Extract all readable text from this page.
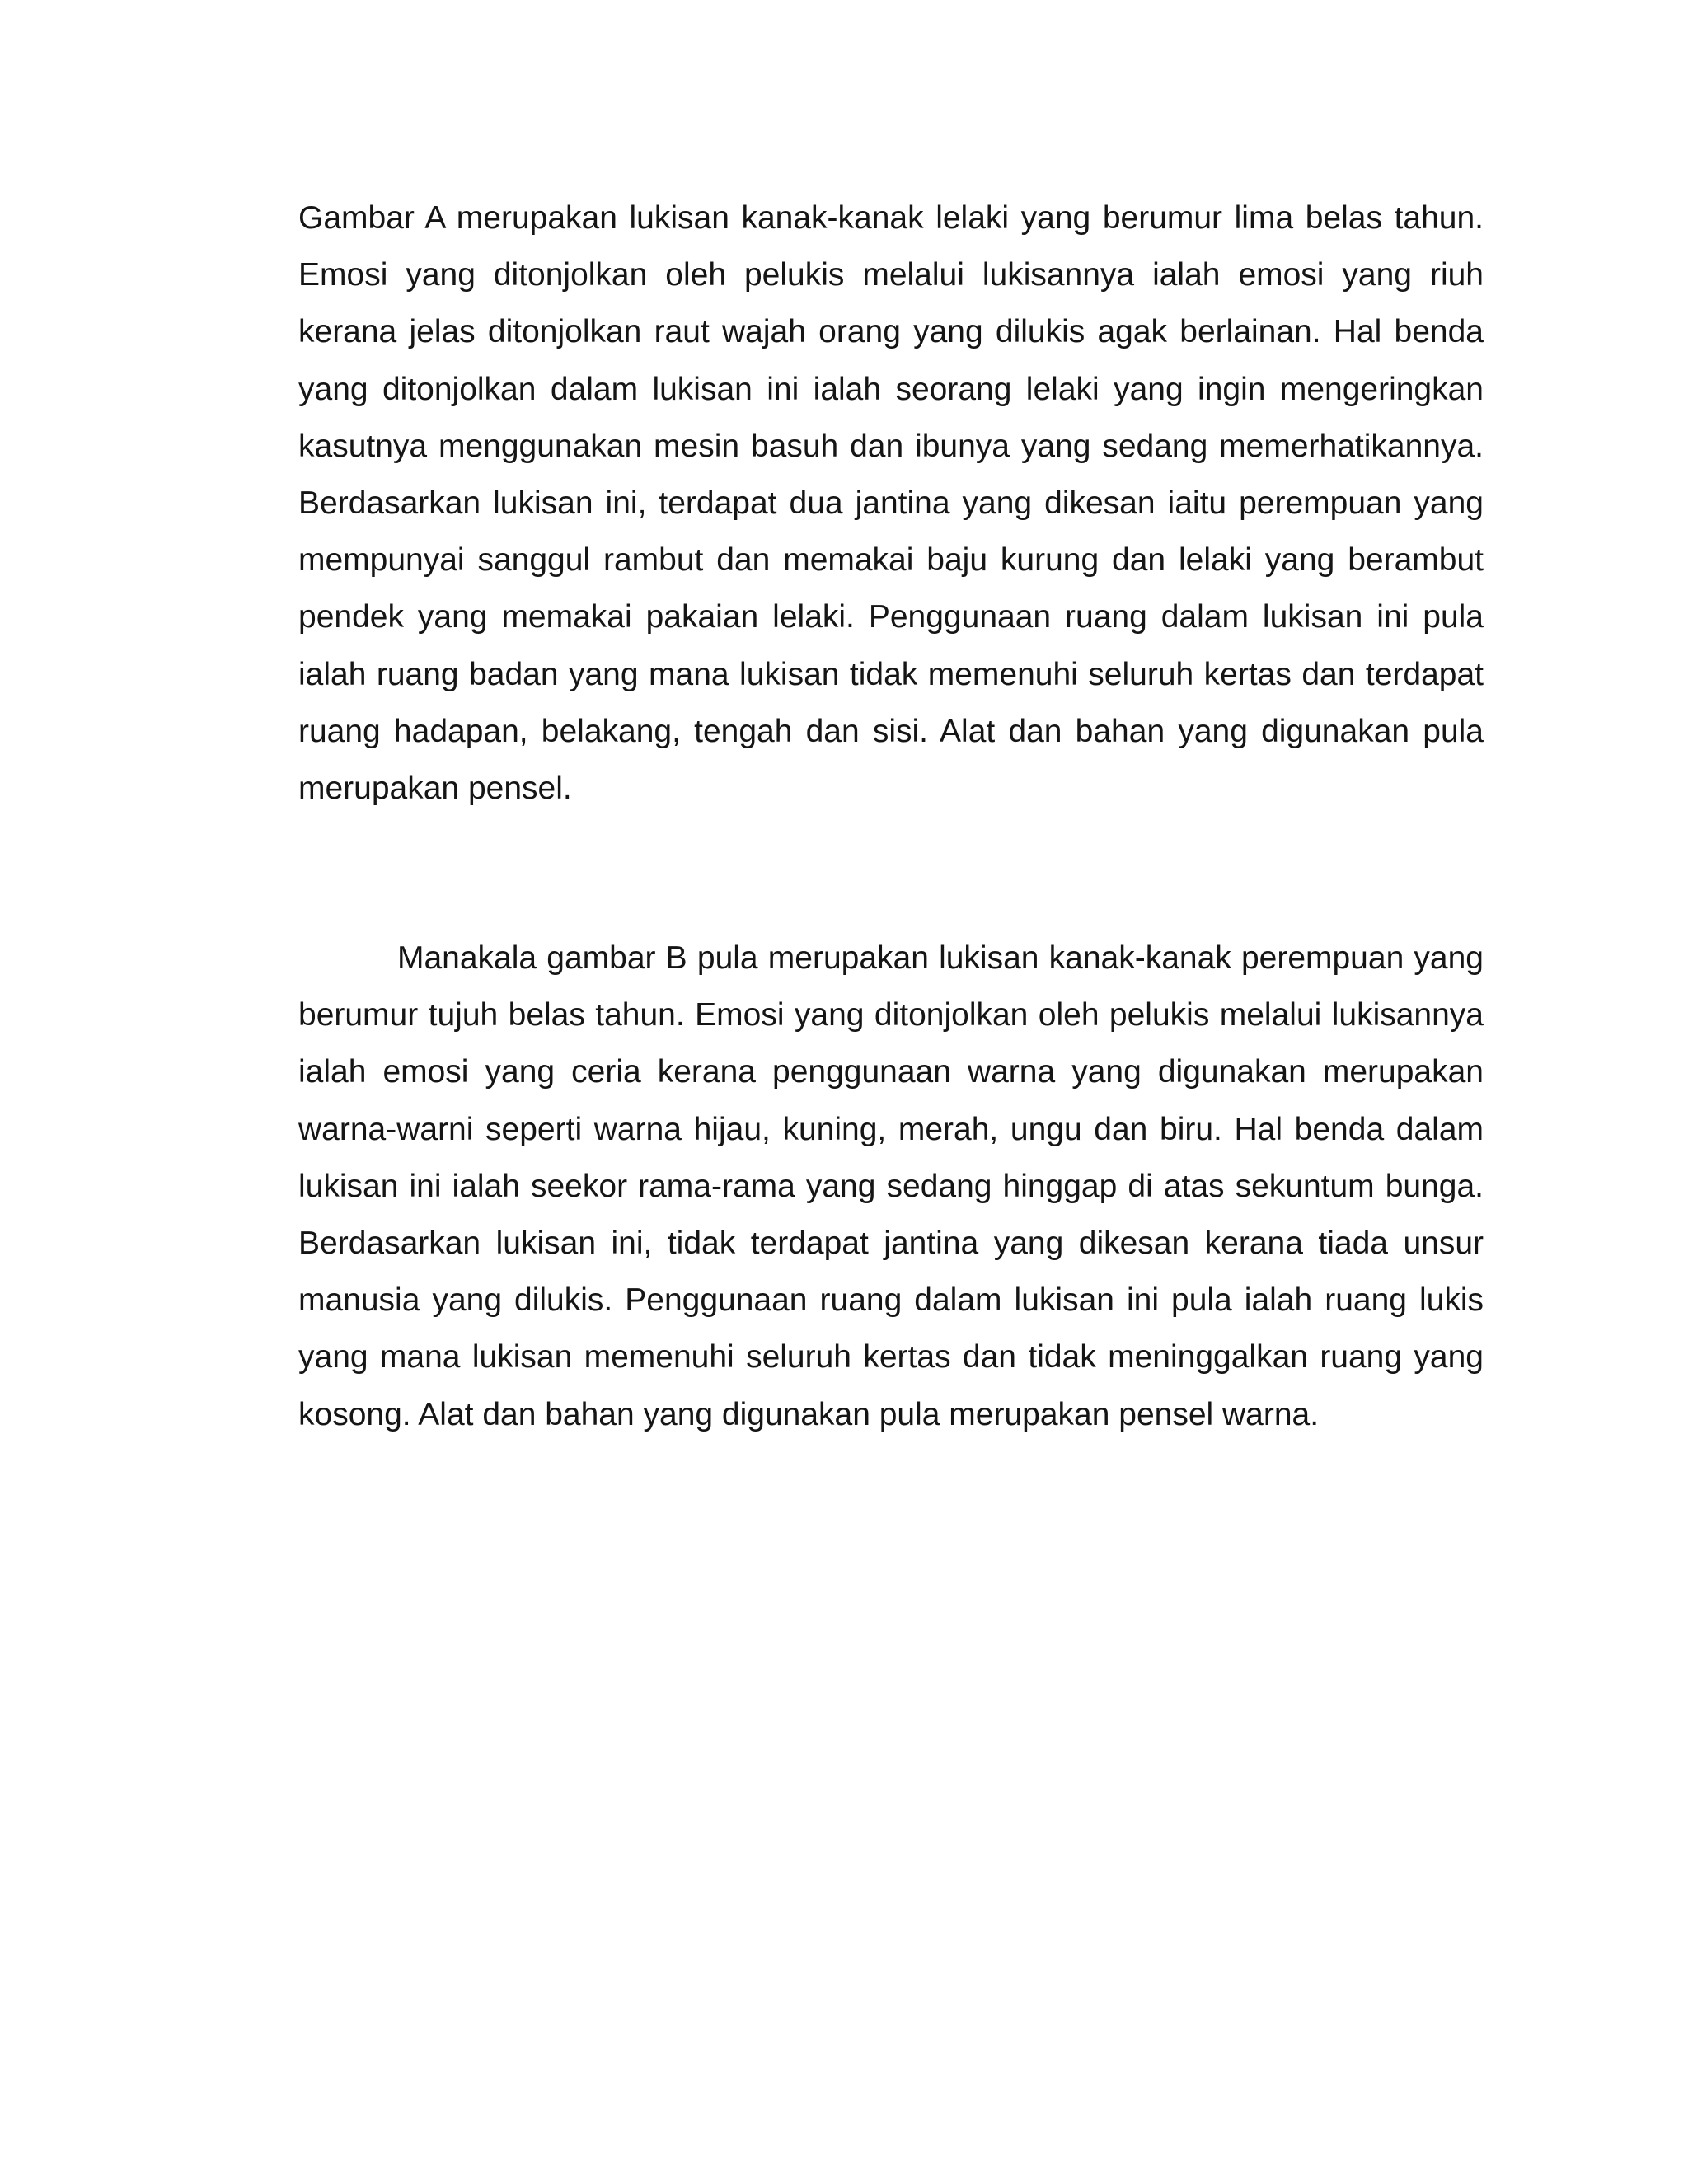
Gambar A merupakan lukisan kanak-kanak lelaki yang berumur lima belas tahun. Emosi yang ditonjolkan oleh pelukis melalui lukisannya ialah emosi yang riuh kerana jelas ditonjolkan raut wajah orang yang dilukis agak berlainan. Hal benda yang ditonjolkan dalam lukisan ini ialah seorang lelaki yang ingin mengeringkan kasutnya menggunakan mesin basuh dan ibunya yang sedang memerhatikannya. Berdasarkan lukisan ini, terdapat dua jantina yang dikesan iaitu perempuan yang mempunyai sanggul rambut dan memakai baju kurung dan lelaki yang berambut pendek yang memakai pakaian lelaki. Penggunaan ruang dalam lukisan ini pula ialah ruang badan yang mana lukisan tidak memenuhi seluruh kertas dan terdapat ruang hadapan, belakang, tengah dan sisi. Alat dan bahan yang digunakan pula merupakan pensel.

Manakala gambar B pula merupakan lukisan kanak-kanak perempuan yang berumur tujuh belas tahun. Emosi yang ditonjolkan oleh pelukis melalui lukisannya ialah emosi yang ceria kerana penggunaan warna yang digunakan merupakan warna-warni seperti warna hijau, kuning, merah, ungu dan biru. Hal benda dalam lukisan ini ialah seekor rama-rama yang sedang hinggap di atas sekuntum bunga. Berdasarkan lukisan ini, tidak terdapat jantina yang dikesan kerana tiada unsur manusia yang dilukis. Penggunaan ruang dalam lukisan ini pula ialah ruang lukis yang mana lukisan memenuhi seluruh kertas dan tidak meninggalkan ruang yang kosong. Alat dan bahan yang digunakan pula merupakan pensel warna.
